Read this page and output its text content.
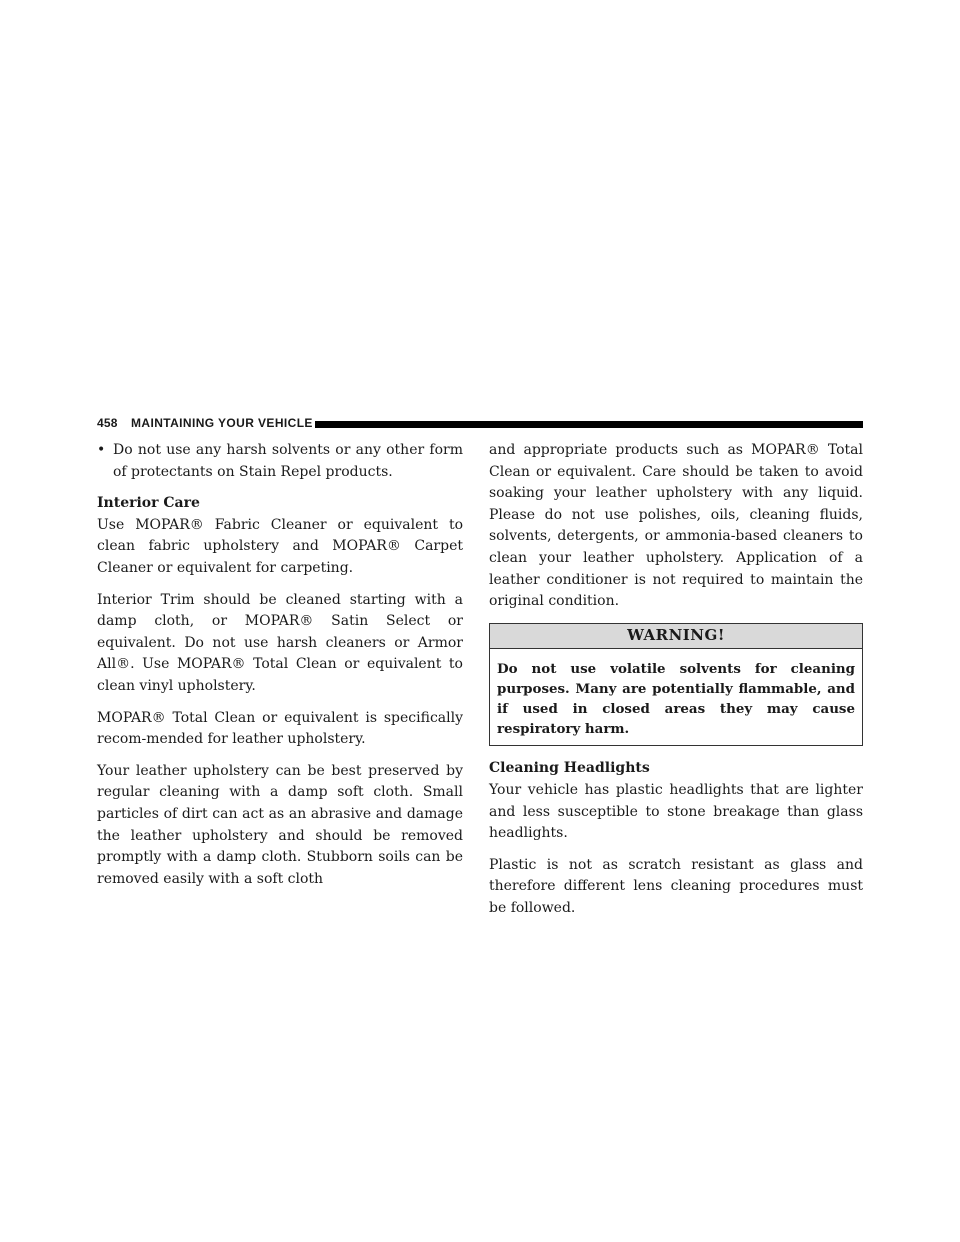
458 MAINTAINING YOUR VEHICLE
• Do not use any harsh solvents or any other form of protectants on Stain Repel products.
Interior Care

Use MOPAR® Fabric Cleaner or equivalent to clean fabric upholstery and MOPAR® Carpet Cleaner or equivalent for carpeting.

Interior Trim should be cleaned starting with a damp cloth, or MOPAR® Satin Select or equivalent. Do not use harsh cleaners or Armor All®. Use MOPAR® Total Clean or equivalent to clean vinyl upholstery.

MOPAR® Total Clean or equivalent is specifically recom-mended for leather upholstery.

Your leather upholstery can be best preserved by regular cleaning with a damp soft cloth. Small particles of dirt can act as an abrasive and damage the leather upholstery and should be removed promptly with a damp cloth. Stubborn soils can be removed easily with a soft cloth

and appropriate products such as MOPAR® Total Clean or equivalent. Care should be taken to avoid soaking your leather upholstery with any liquid. Please do not use polishes, oils, cleaning fluids, solvents, detergents, or ammonia-based cleaners to clean your leather upholstery. Application of a leather conditioner is not required to maintain the original condition.

WARNING!
Do not use volatile solvents for cleaning purposes. Many are potentially flammable, and if used in closed areas they may cause respiratory harm.
Cleaning Headlights

Your vehicle has plastic headlights that are lighter and less susceptible to stone breakage than glass headlights.

Plastic is not as scratch resistant as glass and therefore different lens cleaning procedures must be followed.
